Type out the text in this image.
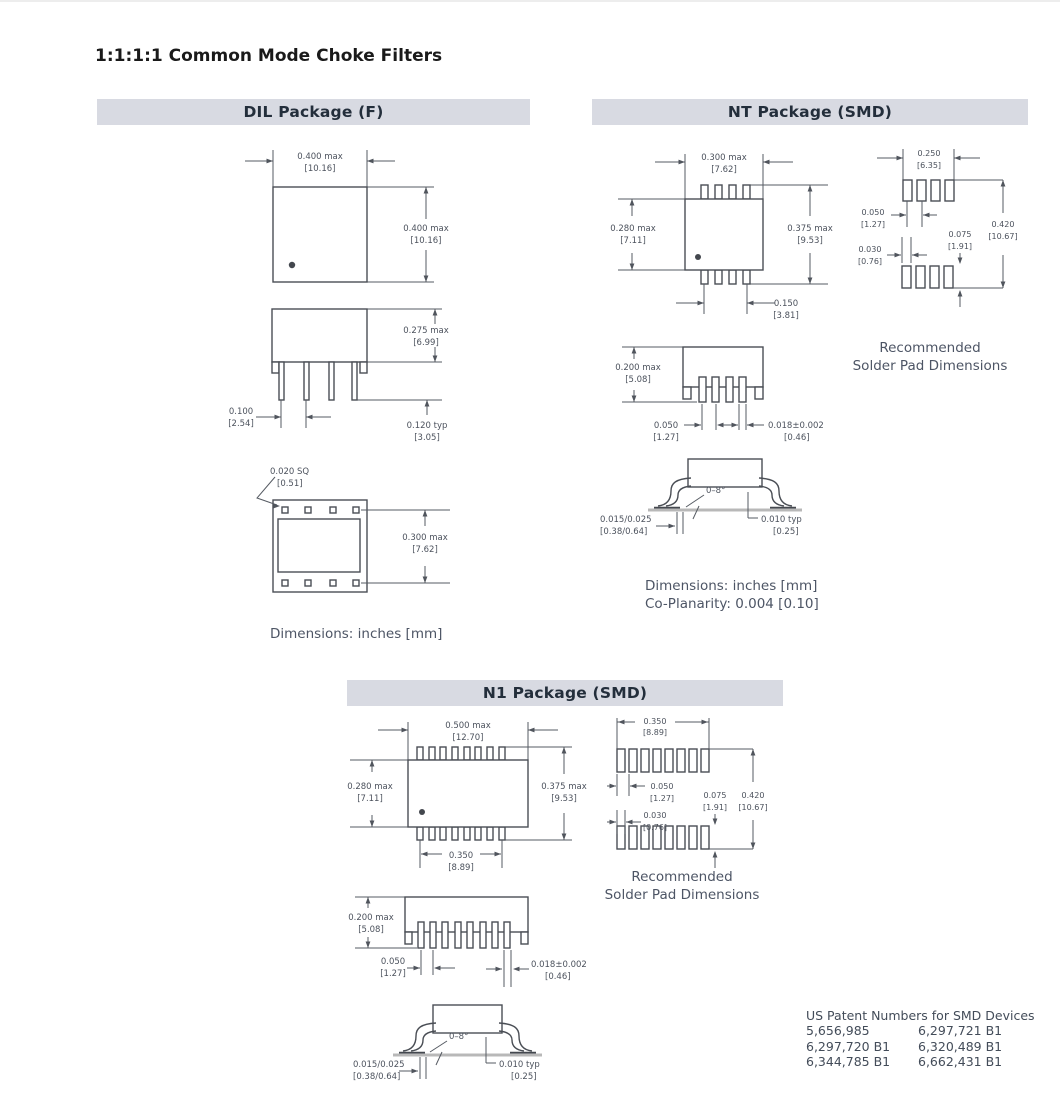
1:1:1:1 Common Mode Choke Filters
DIL Package (F)	NT Package (SMD)
N1 Package (SMD)
0.400 max
[10.16]
0.400 max
[10.16]
0.275 max
[6.99]
0.100
[2.54]	0.120 typ
[3.05]
0.020 SQ
[0.51]
0.300 max
[7.62]
Dimensions: inches [mm]
0.300 max
[7.62]
0.280 max
[7.11]
0.375 max
[9.53]
0.150
[3.81]
0.250
[6.35]
0.050
[1.27]
0.030
[0.76]
0.075
[1.91]
0.420
[10.67]
Recommended
Solder Pad Dimensions
0.200 max
[5.08]
0.050
[1.27]
0.018±0.002
[0.46]
0–8°
0.015/0.025
[0.38/0.64]
0.010 typ
[0.25]
Dimensions: inches [mm]
Co-Planarity: 0.004 [0.10]
0.500 max
[12.70]
0.280 max
[7.11]
0.375 max
[9.53]
0.350
[8.89]
0.350
[8.89]
0.050
[1.27]
0.030
[0.76]
0.075
[1.91]
0.420
[10.67]
Recommended
Solder Pad Dimensions
0.200 max
[5.08]
0.050
[1.27]
0.018±0.002
[0.46]
0–8°
0.015/0.025
[0.38/0.64]
0.010 typ
[0.25]
US Patent Numbers for SMD Devices
5,656,985	6,297,721 B1
6,297,720 B1	6,320,489 B1
6,344,785 B1	6,662,431 B1
